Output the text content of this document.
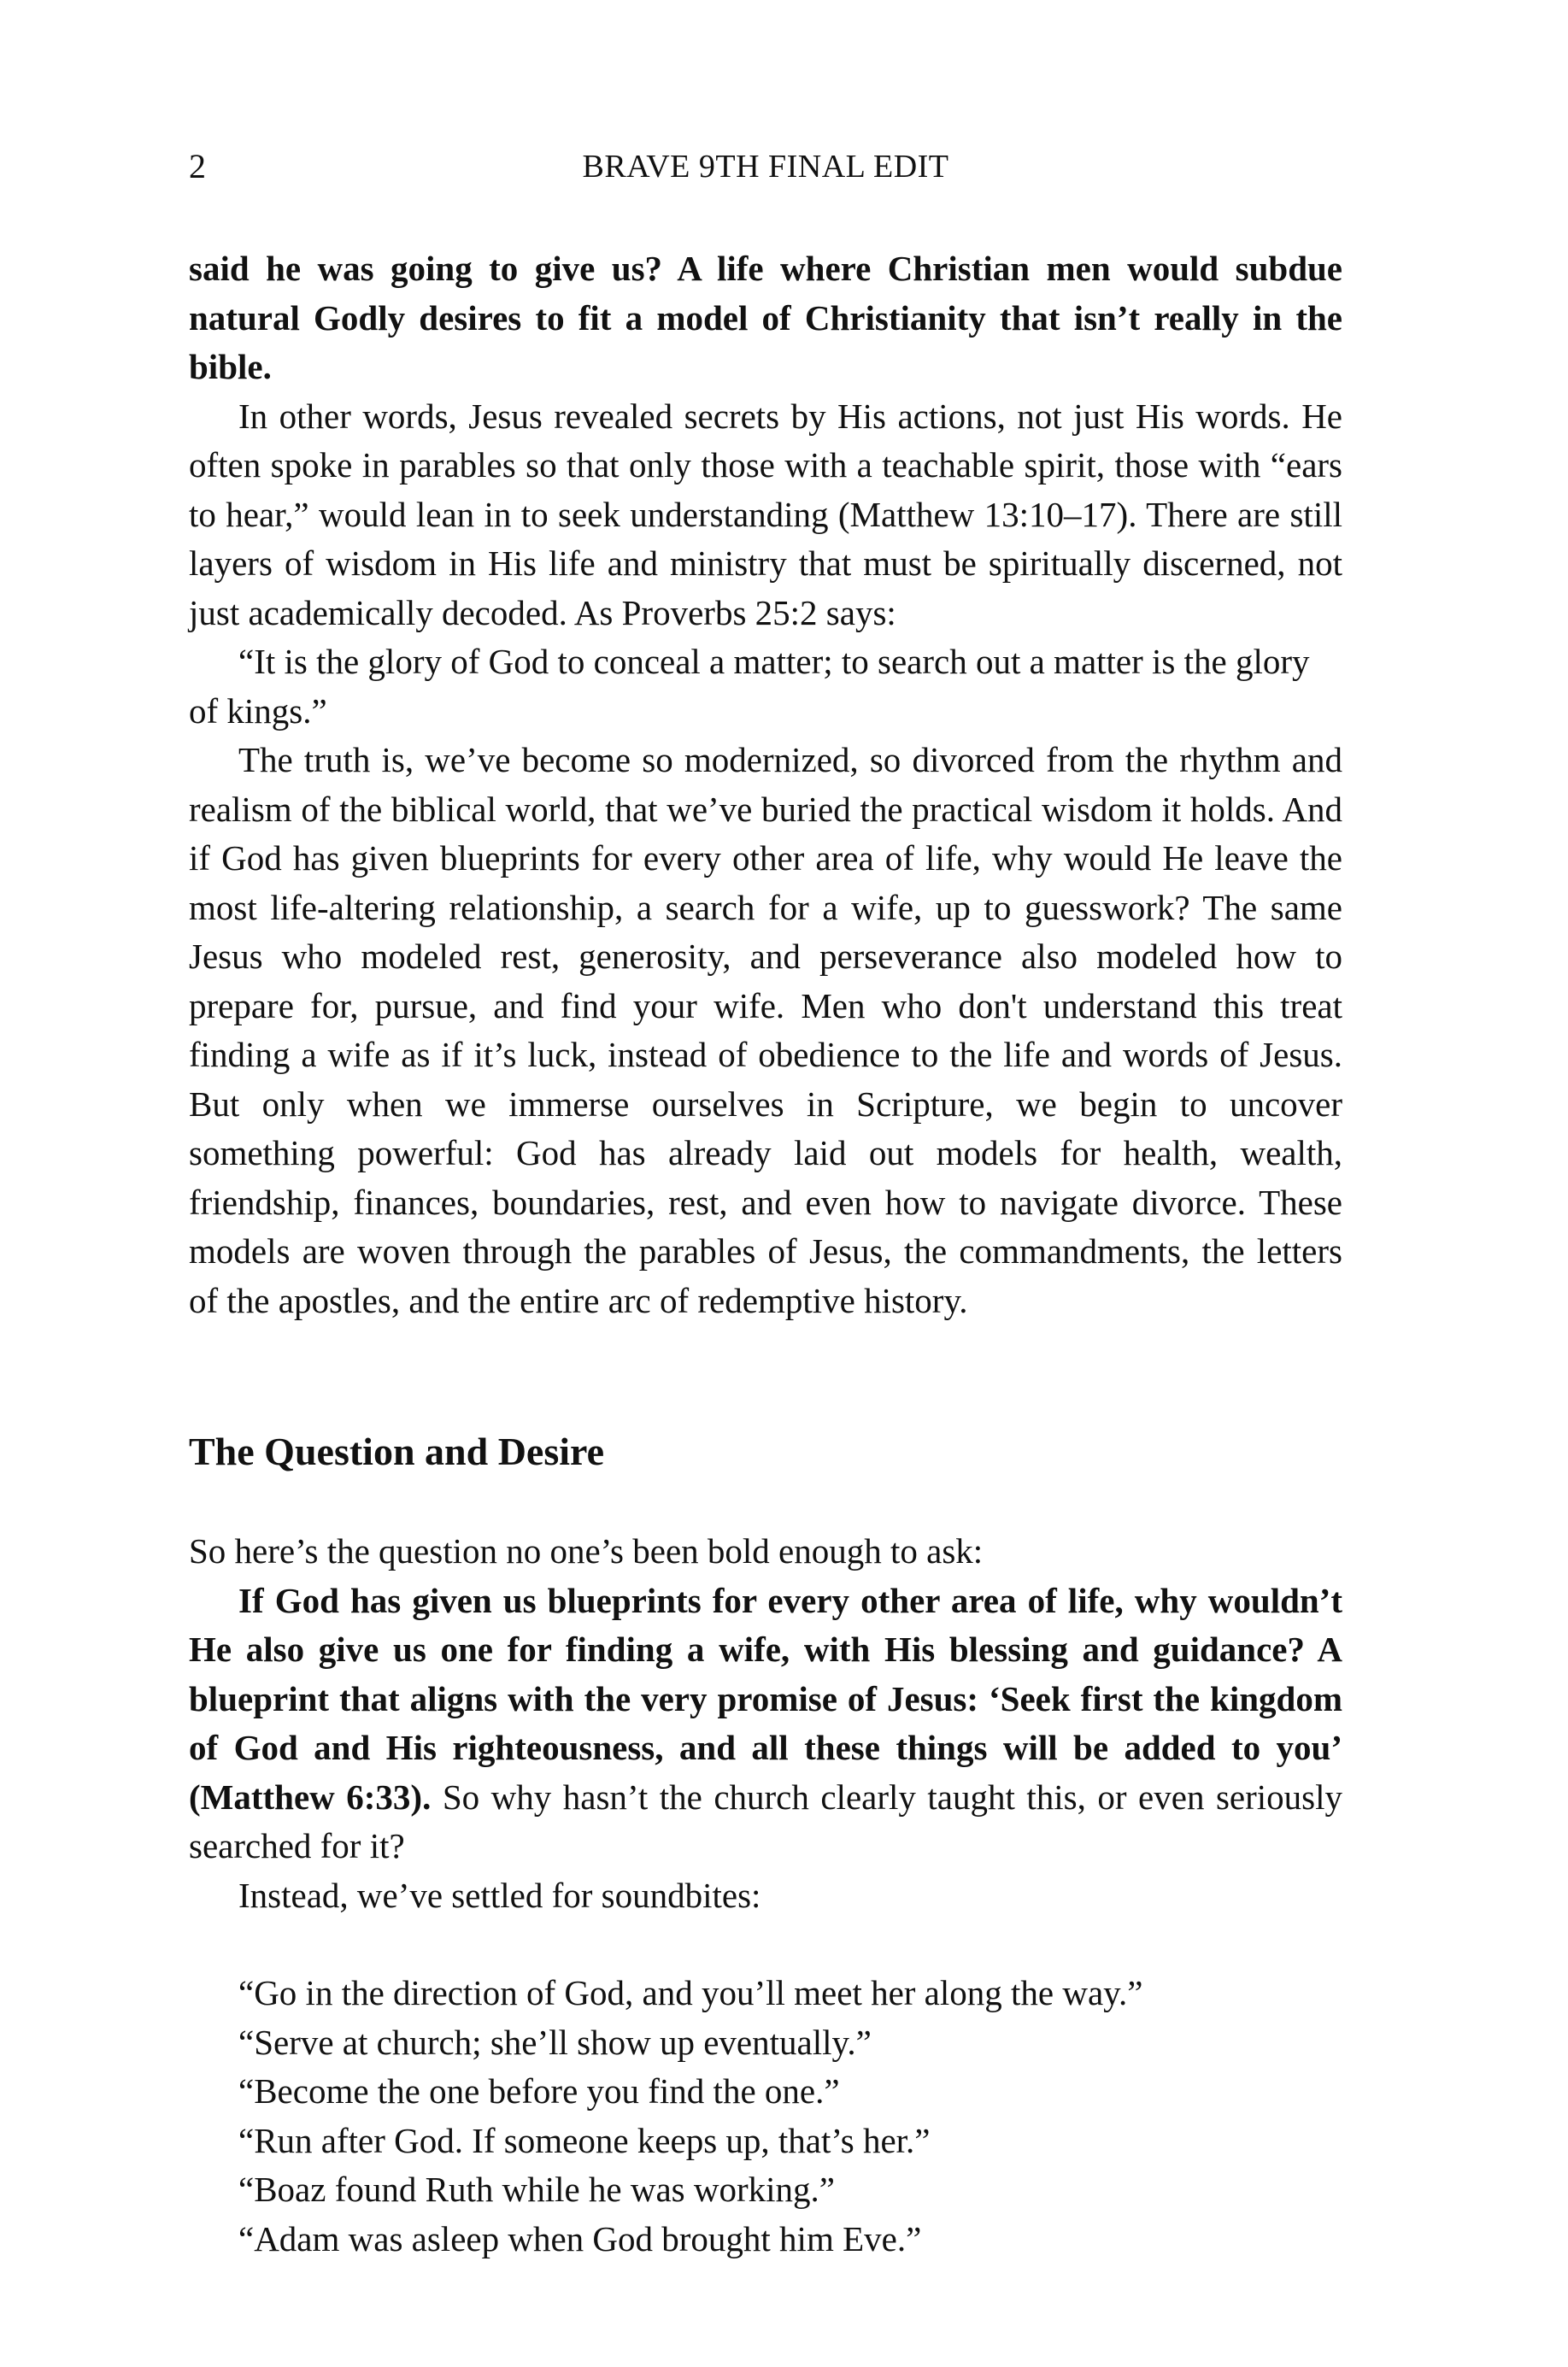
2	BRAVE 9TH FINAL EDIT

said he was going to give us? A life where Christian men would subdue natural Godly desires to fit a model of Christianity that isn’t really in the bible.

In other words, Jesus revealed secrets by His actions, not just His words. He often spoke in parables so that only those with a teachable spirit, those with “ears to hear,” would lean in to seek understanding (Matthew 13:10–17). There are still layers of wisdom in His life and ministry that must be spiritually discerned, not just academically decoded. As Proverbs 25:2 says:

“It is the glory of God to conceal a matter; to search out a matter is the glory of kings.”

The truth is, we’ve become so modernized, so divorced from the rhythm and realism of the biblical world, that we’ve buried the practical wisdom it holds. And if God has given blueprints for every other area of life, why would He leave the most life-altering relationship, a search for a wife, up to guesswork? The same Jesus who modeled rest, generosity, and perseverance also modeled how to prepare for, pursue, and find your wife. Men who don't understand this treat finding a wife as if it’s luck, instead of obedience to the life and words of Jesus. But only when we immerse ourselves in Scripture, we begin to uncover something powerful: God has already laid out models for health, wealth, friendship, finances, boundaries, rest, and even how to navigate divorce. These models are woven through the parables of Jesus, the commandments, the letters of the apostles, and the entire arc of redemptive history.

The Question and Desire

So here’s the question no one’s been bold enough to ask:

If God has given us blueprints for every other area of life, why wouldn’t He also give us one for finding a wife, with His blessing and guidance? A blueprint that aligns with the very promise of Jesus: ‘Seek first the kingdom of God and His righteousness, and all these things will be added to you’ (Matthew 6:33). So why hasn’t the church clearly taught this, or even seriously searched for it?

Instead, we’ve settled for soundbites:

“Go in the direction of God, and you’ll meet her along the way.”

“Serve at church; she’ll show up eventually.”

“Become the one before you find the one.”

“Run after God. If someone keeps up, that’s her.”

“Boaz found Ruth while he was working.”

“Adam was asleep when God brought him Eve.”
